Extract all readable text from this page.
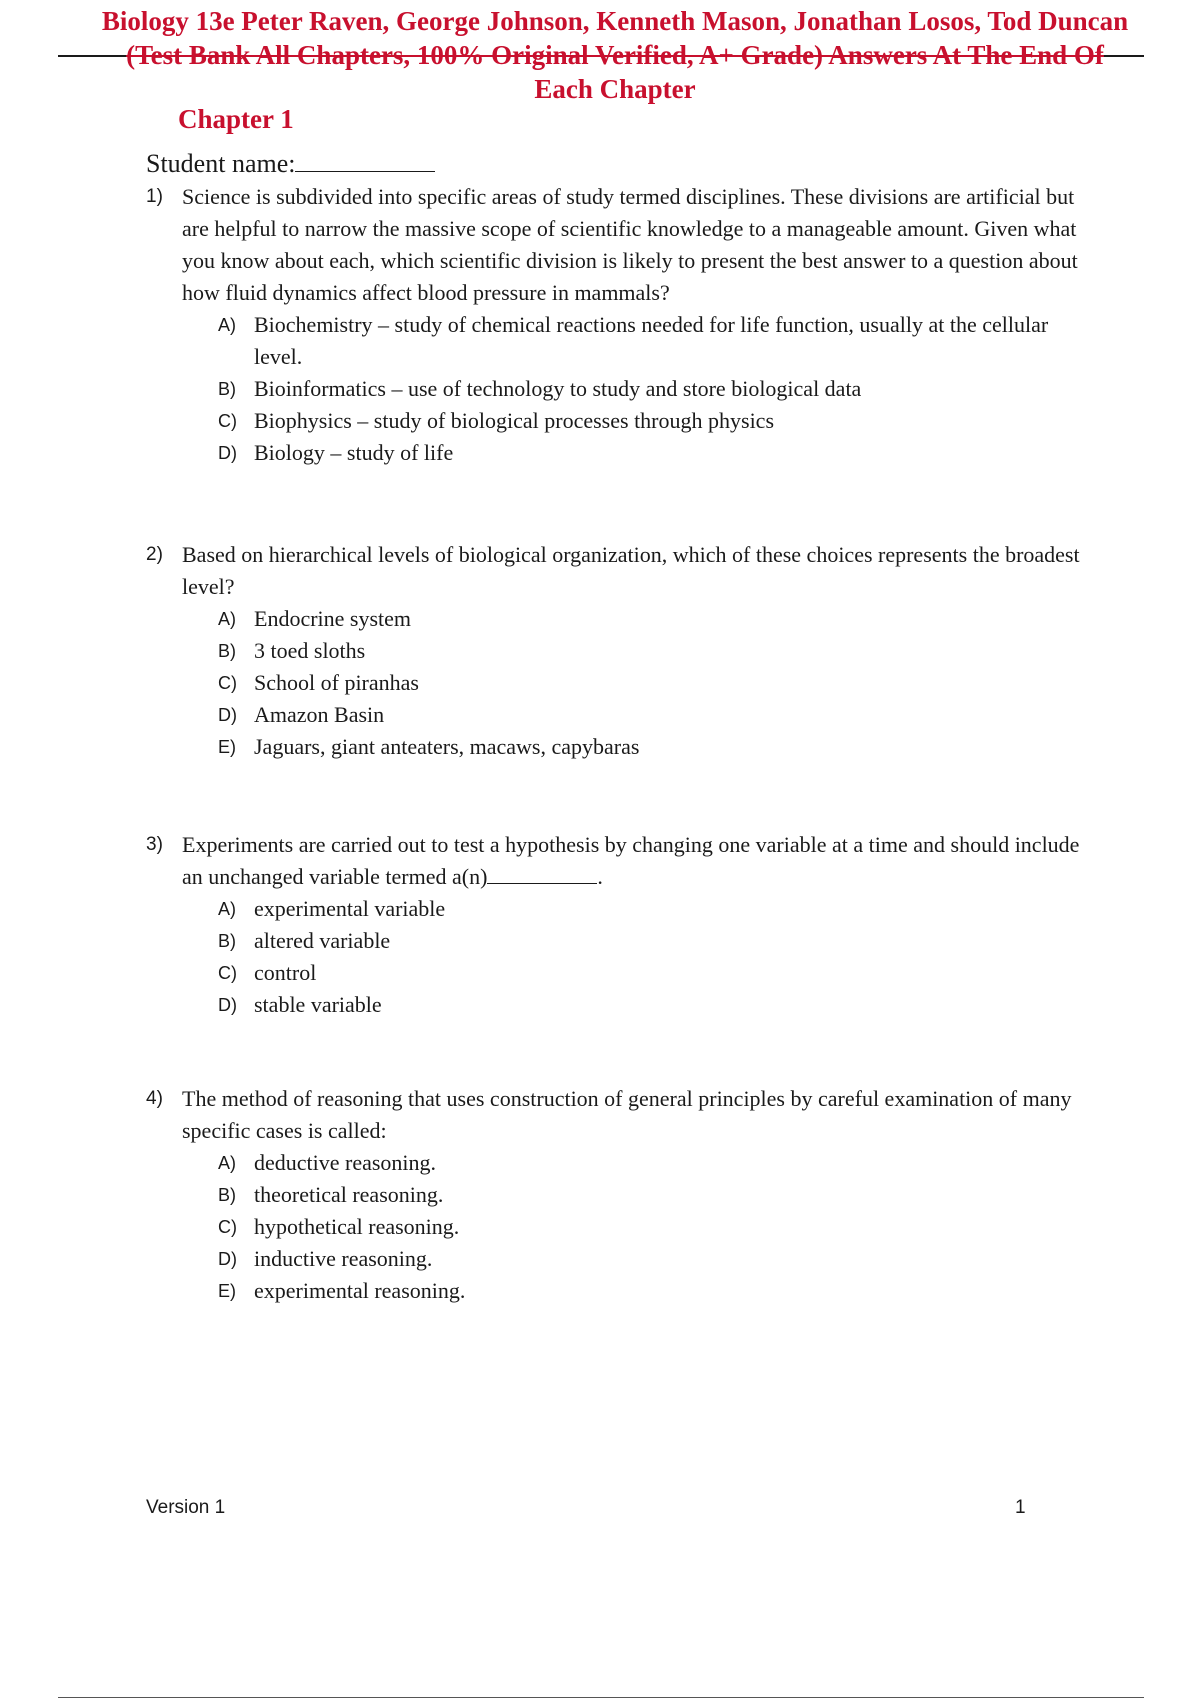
Biology 13e Peter Raven, George Johnson, Kenneth Mason, Jonathan Losos, Tod Duncan
(Test Bank All Chapters, 100% Original Verified, A+ Grade) Answers At The End Of
Each Chapter
Chapter 1
Student name:
1) Science is subdivided into specific areas of study termed disciplines. These divisions are artificial but are helpful to narrow the massive scope of scientific knowledge to a manageable amount. Given what you know about each, which scientific division is likely to present the best answer to a question about how fluid dynamics affect blood pressure in mammals?
A) Biochemistry – study of chemical reactions needed for life function, usually at the cellular level.
B) Bioinformatics – use of technology to study and store biological data
C) Biophysics – study of biological processes through physics
D) Biology – study of life
2) Based on hierarchical levels of biological organization, which of these choices represents the broadest level?
A) Endocrine system
B) 3 toed sloths
C) School of piranhas
D) Amazon Basin
E) Jaguars, giant anteaters, macaws, capybaras
3) Experiments are carried out to test a hypothesis by changing one variable at a time and should include an unchanged variable termed a(n)	.
A) experimental variable
B) altered variable
C) control
D) stable variable
4) The method of reasoning that uses construction of general principles by careful examination of many specific cases is called:
A) deductive reasoning.
B) theoretical reasoning.
C) hypothetical reasoning.
D) inductive reasoning.
E) experimental reasoning.
Version 1	1
